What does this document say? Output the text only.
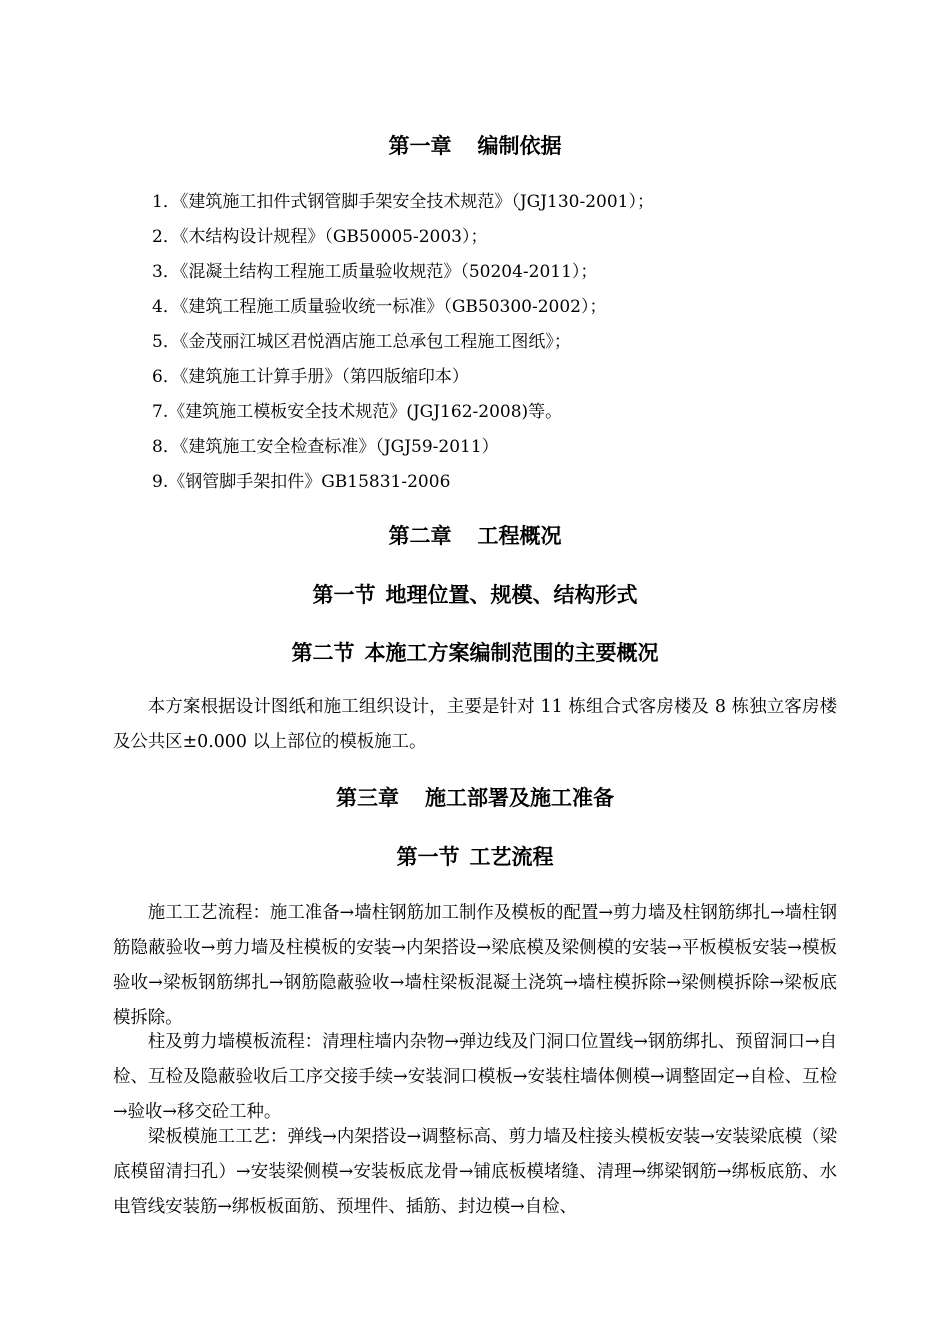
第一章 编制依据

1．《建筑施工扣件式钢管脚手架安全技术规范》（JGJ130-2001）；

2．《木结构设计规程》（GB50005-2003）；

3．《混凝土结构工程施工质量验收规范》（50204-2011）；

4．《建筑工程施工质量验收统一标准》（GB50300-2002）；

5．《金茂丽江城区君悦酒店施工总承包工程施工图纸》；

6．《建筑施工计算手册》（第四版缩印本）

7.《建筑施工模板安全技术规范》(JGJ162-2008)等。

8．《建筑施工安全检查标准》（JGJ59-2011）

9.《钢管脚手架扣件》GB15831-2006

第二章 工程概况
第一节 地理位置、规模、结构形式
第二节 本施工方案编制范围的主要概况

本方案根据设计图纸和施工组织设计，主要是针对 11 栋组合式客房楼及 8 栋独立客房楼及公共区±0.000 以上部位的模板施工。

第三章 施工部署及施工准备
第一节 工艺流程

施工工艺流程：施工准备→墙柱钢筋加工制作及模板的配置→剪力墙及柱钢筋绑扎→墙柱钢筋隐蔽验收→剪力墙及柱模板的安装→内架搭设→梁底模及梁侧模的安装→平板模板安装→模板验收→梁板钢筋绑扎→钢筋隐蔽验收→墙柱梁板混凝土浇筑→墙柱模拆除→梁侧模拆除→梁板底模拆除。

柱及剪力墙模板流程：清理柱墙内杂物→弹边线及门洞口位置线→钢筋绑扎、预留洞口→自检、互检及隐蔽验收后工序交接手续→安装洞口模板→安装柱墙体侧模→调整固定→自检、互检→验收→移交砼工种。

梁板模施工工艺：弹线→内架搭设→调整标高、剪力墙及柱接头模板安装→安装梁底模（梁底模留清扫孔）→安装梁侧模→安装板底龙骨→铺底板模堵缝、清理→绑梁钢筋→绑板底筋、水电管线安装筋→绑板板面筋、预埋件、插筋、封边模→自检、
